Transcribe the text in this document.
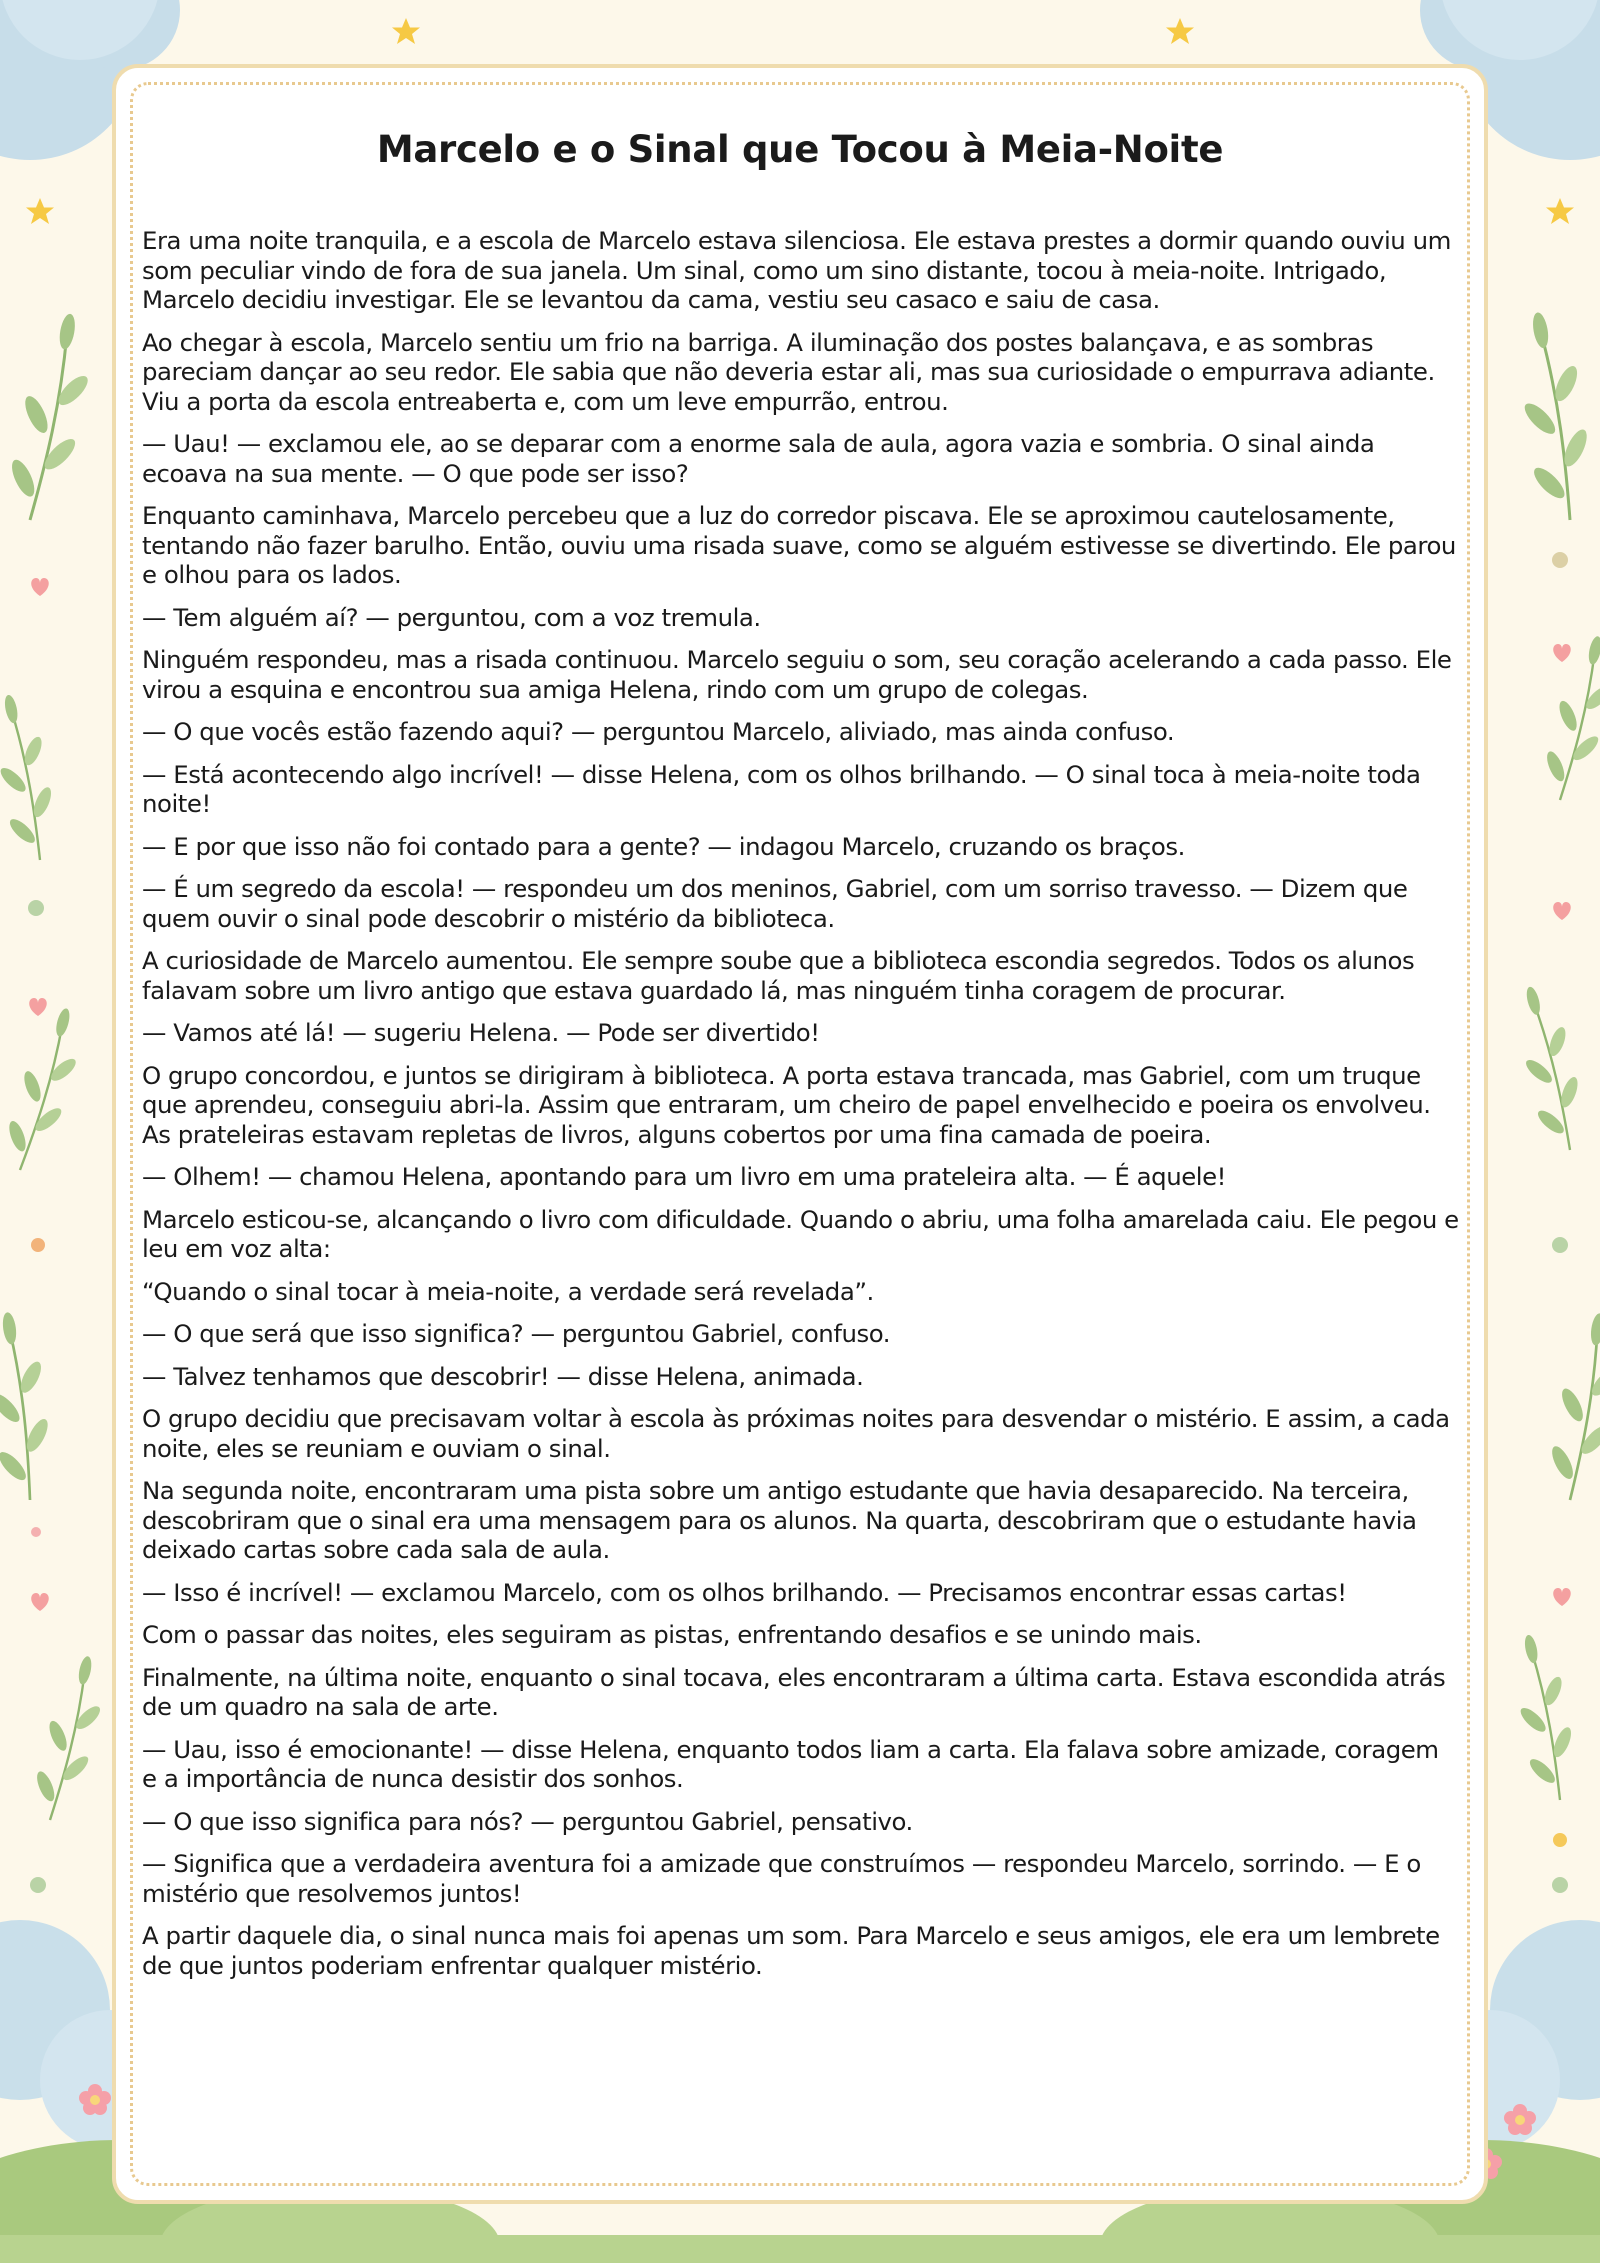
Marcelo e o Sinal que Tocou à Meia-Noite

Era uma noite tranquila, e a escola de Marcelo estava silenciosa. Ele estava prestes a dormir quando ouviu um som peculiar vindo de fora de sua janela. Um sinal, como um sino distante, tocou à meia-noite. Intrigado, Marcelo decidiu investigar. Ele se levantou da cama, vestiu seu casaco e saiu de casa.

Ao chegar à escola, Marcelo sentiu um frio na barriga. A iluminação dos postes balançava, e as sombras pareciam dançar ao seu redor. Ele sabia que não deveria estar ali, mas sua curiosidade o empurrava adiante. Viu a porta da escola entreaberta e, com um leve empurrão, entrou.

— Uau! — exclamou ele, ao se deparar com a enorme sala de aula, agora vazia e sombria. O sinal ainda ecoava na sua mente. — O que pode ser isso?

Enquanto caminhava, Marcelo percebeu que a luz do corredor piscava. Ele se aproximou cautelosamente, tentando não fazer barulho. Então, ouviu uma risada suave, como se alguém estivesse se divertindo. Ele parou e olhou para os lados.

— Tem alguém aí? — perguntou, com a voz tremula.

Ninguém respondeu, mas a risada continuou. Marcelo seguiu o som, seu coração acelerando a cada passo. Ele virou a esquina e encontrou sua amiga Helena, rindo com um grupo de colegas.

— O que vocês estão fazendo aqui? — perguntou Marcelo, aliviado, mas ainda confuso.

— Está acontecendo algo incrível! — disse Helena, com os olhos brilhando. — O sinal toca à meia-noite toda noite!

— E por que isso não foi contado para a gente? — indagou Marcelo, cruzando os braços.

— É um segredo da escola! — respondeu um dos meninos, Gabriel, com um sorriso travesso. — Dizem que quem ouvir o sinal pode descobrir o mistério da biblioteca.

A curiosidade de Marcelo aumentou. Ele sempre soube que a biblioteca escondia segredos. Todos os alunos falavam sobre um livro antigo que estava guardado lá, mas ninguém tinha coragem de procurar.

— Vamos até lá! — sugeriu Helena. — Pode ser divertido!

O grupo concordou, e juntos se dirigiram à biblioteca. A porta estava trancada, mas Gabriel, com um truque que aprendeu, conseguiu abri-la. Assim que entraram, um cheiro de papel envelhecido e poeira os envolveu. As prateleiras estavam repletas de livros, alguns cobertos por uma fina camada de poeira.

— Olhem! — chamou Helena, apontando para um livro em uma prateleira alta. — É aquele!

Marcelo esticou-se, alcançando o livro com dificuldade. Quando o abriu, uma folha amarelada caiu. Ele pegou e leu em voz alta:

“Quando o sinal tocar à meia-noite, a verdade será revelada”.

— O que será que isso significa? — perguntou Gabriel, confuso.

— Talvez tenhamos que descobrir! — disse Helena, animada.

O grupo decidiu que precisavam voltar à escola às próximas noites para desvendar o mistério. E assim, a cada noite, eles se reuniam e ouviam o sinal.

Na segunda noite, encontraram uma pista sobre um antigo estudante que havia desaparecido. Na terceira, descobriram que o sinal era uma mensagem para os alunos. Na quarta, descobriram que o estudante havia deixado cartas sobre cada sala de aula.

— Isso é incrível! — exclamou Marcelo, com os olhos brilhando. — Precisamos encontrar essas cartas!

Com o passar das noites, eles seguiram as pistas, enfrentando desafios e se unindo mais.

Finalmente, na última noite, enquanto o sinal tocava, eles encontraram a última carta. Estava escondida atrás de um quadro na sala de arte.

— Uau, isso é emocionante! — disse Helena, enquanto todos liam a carta. Ela falava sobre amizade, coragem e a importância de nunca desistir dos sonhos.

— O que isso significa para nós? — perguntou Gabriel, pensativo.

— Significa que a verdadeira aventura foi a amizade que construímos — respondeu Marcelo, sorrindo. — E o mistério que resolvemos juntos!

A partir daquele dia, o sinal nunca mais foi apenas um som. Para Marcelo e seus amigos, ele era um lembrete de que juntos poderiam enfrentar qualquer mistério.
